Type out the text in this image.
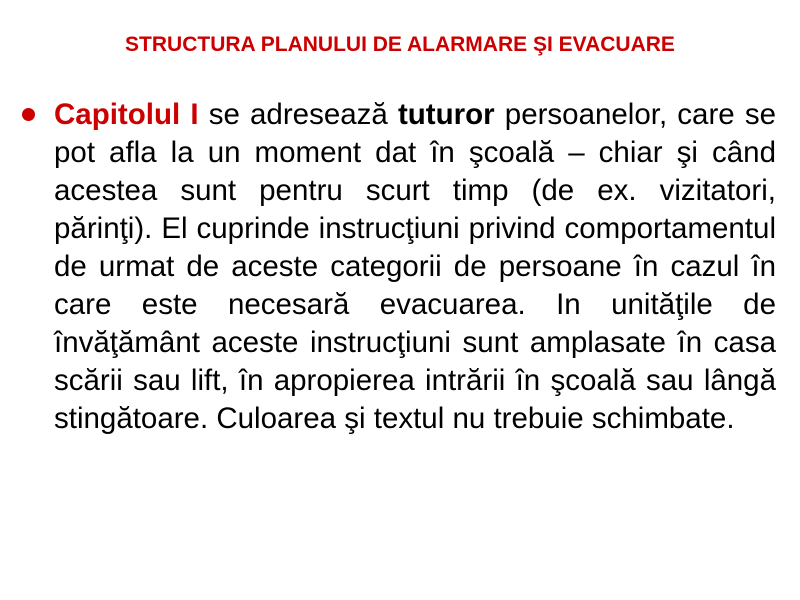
STRUCTURA PLANULUI DE ALARMARE ŞI EVACUARE

Capitolul I se adresează tuturor persoanelor, care se pot afla la un moment dat în şcoală – chiar şi când acestea sunt pentru scurt timp (de ex. vizitatori, părinţi). El cuprinde instrucţiuni privind comportamentul de urmat de aceste categorii de persoane în cazul în care este necesară evacuarea. In unităţile de învăţământ aceste instrucţiuni sunt amplasate în casa scării sau lift, în apropierea intrării în şcoală sau lângă stingătoare. Culoarea şi textul nu trebuie schimbate.
